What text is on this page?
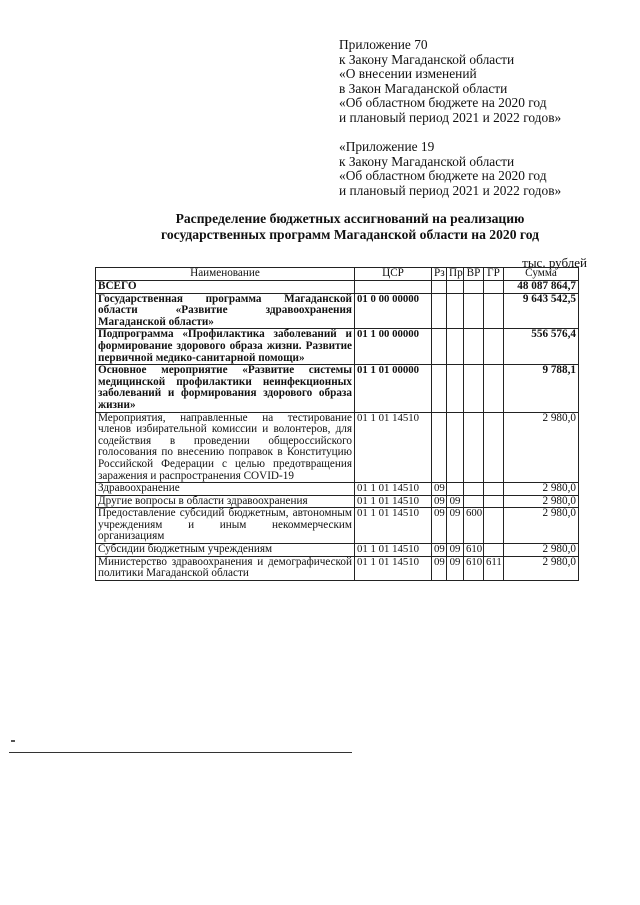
Приложение 70
к Закону Магаданской области
«О внесении изменений
в Закон Магаданской области
«Об областном бюджете на 2020 год
и плановый период 2021 и 2022 годов»
«Приложение 19
к Закону Магаданской области
«Об областном бюджете на 2020 год
и плановый период 2021 и 2022 годов»
Распределение бюджетных ассигнований на реализацию
государственных программ Магаданской области на 2020 год
тыс. рублей
Наименование	ЦСР	Рз	Пр	ВР	ГР	Сумма
ВСЕГО						48 087 864,7
Государственная программа Магаданской области «Развитие здравоохранения Магаданской области»	01 0 00 00000					9 643 542,5
Подпрограмма «Профилактика заболеваний и формирование здорового образа жизни. Развитие первичной медико-санитарной помощи»	01 1 00 00000					556 576,4
Основное мероприятие «Развитие системы медицинской профилактики неинфекционных заболеваний и формирования здорового образа жизни»	01 1 01 00000					9 788,1
Мероприятия, направленные на тестирование членов избирательной комиссии и волонтеров, для содействия в проведении общероссийского голосования по внесению поправок в Конституцию Российской Федерации с целью предотвращения заражения и распространения COVID-19	01 1 01 14510					2 980,0
Здравоохранение	01 1 01 14510	09				2 980,0
Другие вопросы в области здравоохранения	01 1 01 14510	09	09			2 980,0
Предоставление субсидий бюджетным, автономным учреждениям и иным некоммерческим организациям	01 1 01 14510	09	09	600		2 980,0
Субсидии бюджетным учреждениям	01 1 01 14510	09	09	610		2 980,0
Министерство здравоохранения и демографической политики Магаданской области	01 1 01 14510	09	09	610	611	2 980,0
